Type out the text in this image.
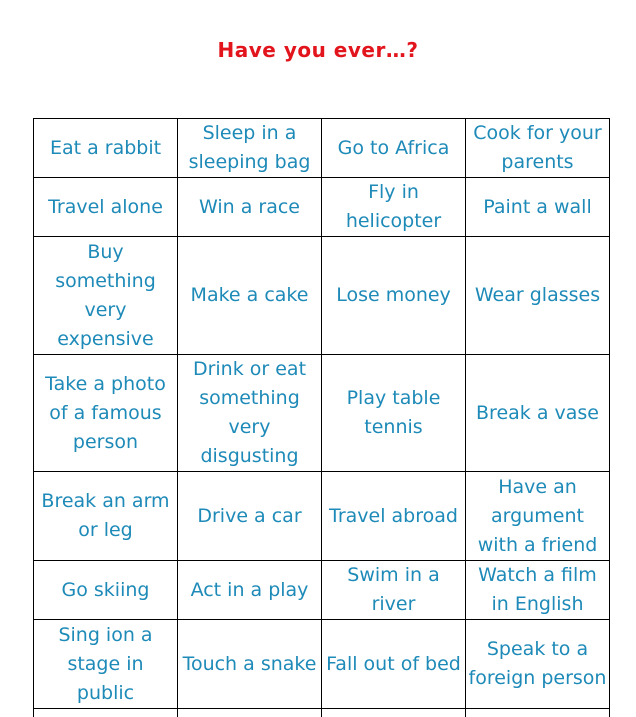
Have you ever…?
Eat a rabbit	Sleep in a sleeping bag	Go to Africa	Cook for your parents
Travel alone	Win a race	Fly in helicopter	Paint a wall
Buy something very expensive	Make a cake	Lose money	Wear glasses
Take a photo of a famous person	Drink or eat something very disgusting	Play table tennis	Break a vase
Break an arm or leg	Drive a car	Travel abroad	Have an argument with a friend
Go skiing	Act in a play	Swim in a river	Watch a film in English
Sing ion a stage in public	Touch a snake	Fall out of bed	Speak to a foreign person
